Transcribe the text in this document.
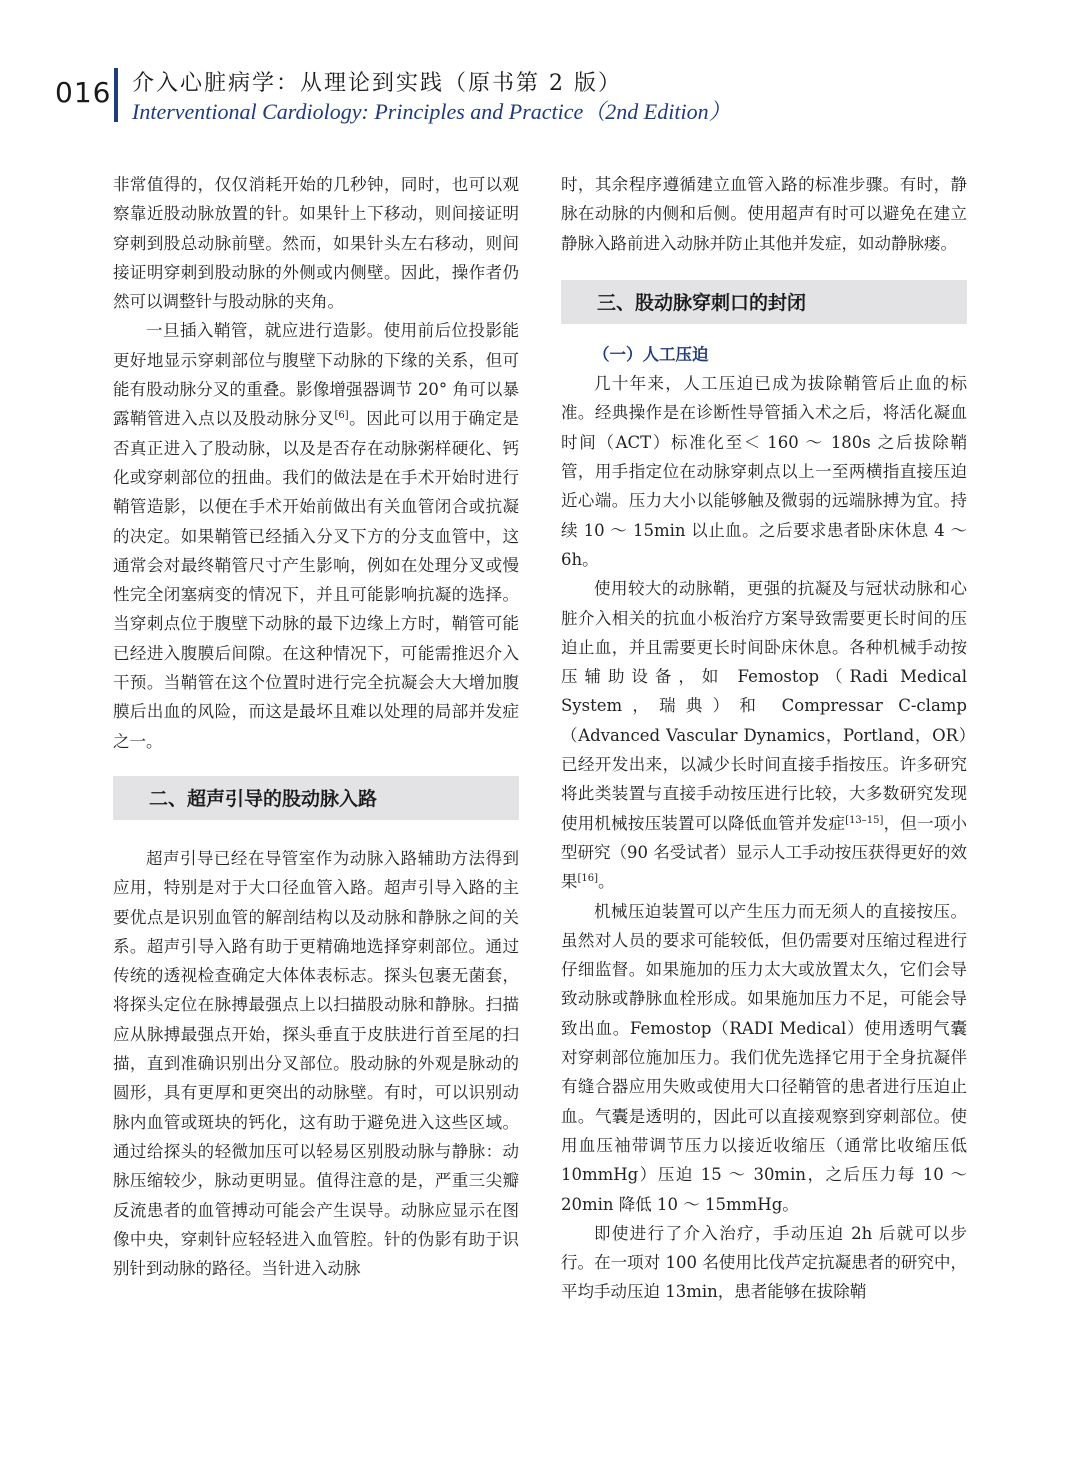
016 介入心脏病学：从理论到实践（原书第 2 版）
Interventional Cardiology: Principles and Practice（2nd Edition）

非常值得的，仅仅消耗开始的几秒钟，同时，也可以观察靠近股动脉放置的针。如果针上下移动，则间接证明穿刺到股总动脉前壁。然而，如果针头左右移动，则间接证明穿刺到股动脉的外侧或内侧壁。因此，操作者仍然可以调整针与股动脉的夹角。

一旦插入鞘管，就应进行造影。使用前后位投影能更好地显示穿刺部位与腹壁下动脉的下缘的关系，但可能有股动脉分叉的重叠。影像增强器调节 20° 角可以暴露鞘管进入点以及股动脉分叉[6]。因此可以用于确定是否真正进入了股动脉，以及是否存在动脉粥样硬化、钙化或穿刺部位的扭曲。我们的做法是在手术开始时进行鞘管造影，以便在手术开始前做出有关血管闭合或抗凝的决定。如果鞘管已经插入分叉下方的分支血管中，这通常会对最终鞘管尺寸产生影响，例如在处理分叉或慢性完全闭塞病变的情况下，并且可能影响抗凝的选择。当穿刺点位于腹壁下动脉的最下边缘上方时，鞘管可能已经进入腹膜后间隙。在这种情况下，可能需推迟介入干预。当鞘管在这个位置时进行完全抗凝会大大增加腹膜后出血的风险，而这是最坏且难以处理的局部并发症之一。

二、超声引导的股动脉入路

超声引导已经在导管室作为动脉入路辅助方法得到应用，特别是对于大口径血管入路。超声引导入路的主要优点是识别血管的解剖结构以及动脉和静脉之间的关系。超声引导入路有助于更精确地选择穿刺部位。通过传统的透视检查确定大体体表标志。探头包裹无菌套，将探头定位在脉搏最强点上以扫描股动脉和静脉。扫描应从脉搏最强点开始，探头垂直于皮肤进行首至尾的扫描，直到准确识别出分叉部位。股动脉的外观是脉动的圆形，具有更厚和更突出的动脉壁。有时，可以识别动脉内血管或斑块的钙化，这有助于避免进入这些区域。通过给探头的轻微加压可以轻易区别股动脉与静脉：动脉压缩较少，脉动更明显。值得注意的是，严重三尖瓣反流患者的血管搏动可能会产生误导。动脉应显示在图像中央，穿刺针应轻轻进入血管腔。针的伪影有助于识别针到动脉的路径。当针进入动脉

时，其余程序遵循建立血管入路的标准步骤。有时，静脉在动脉的内侧和后侧。使用超声有时可以避免在建立静脉入路前进入动脉并防止其他并发症，如动静脉瘘。

三、股动脉穿刺口的封闭
（一）人工压迫

几十年来，人工压迫已成为拔除鞘管后止血的标准。经典操作是在诊断性导管插入术之后，将活化凝血时间（ACT）标准化至＜ 160 ～ 180s 之后拔除鞘管，用手指定位在动脉穿刺点以上一至两横指直接压迫近心端。压力大小以能够触及微弱的远端脉搏为宜。持续 10 ～ 15min 以止血。之后要求患者卧床休息 4 ～ 6h。

使用较大的动脉鞘，更强的抗凝及与冠状动脉和心脏介入相关的抗血小板治疗方案导致需要更长时间的压迫止血，并且需要更长时间卧床休息。各种机械手动按压辅助设备，如 Femostop（Radi Medical System，瑞典）和 Compressar C-clamp（Advanced Vascular Dynamics，Portland，OR）已经开发出来，以减少长时间直接手指按压。许多研究将此类装置与直接手动按压进行比较，大多数研究发现使用机械按压装置可以降低血管并发症[13–15]，但一项小型研究（90 名受试者）显示人工手动按压获得更好的效果[16]。

机械压迫装置可以产生压力而无须人的直接按压。虽然对人员的要求可能较低，但仍需要对压缩过程进行仔细监督。如果施加的压力太大或放置太久，它们会导致动脉或静脉血栓形成。如果施加压力不足，可能会导致出血。Femostop（RADI Medical）使用透明气囊对穿刺部位施加压力。我们优先选择它用于全身抗凝伴有缝合器应用失败或使用大口径鞘管的患者进行压迫止血。气囊是透明的，因此可以直接观察到穿刺部位。使用血压袖带调节压力以接近收缩压（通常比收缩压低 10mmHg）压迫 15 ～ 30min，之后压力每 10 ～ 20min 降低 10 ～ 15mmHg。

即使进行了介入治疗，手动压迫 2h 后就可以步行。在一项对 100 名使用比伐芦定抗凝患者的研究中，平均手动压迫 13min，患者能够在拔除鞘
